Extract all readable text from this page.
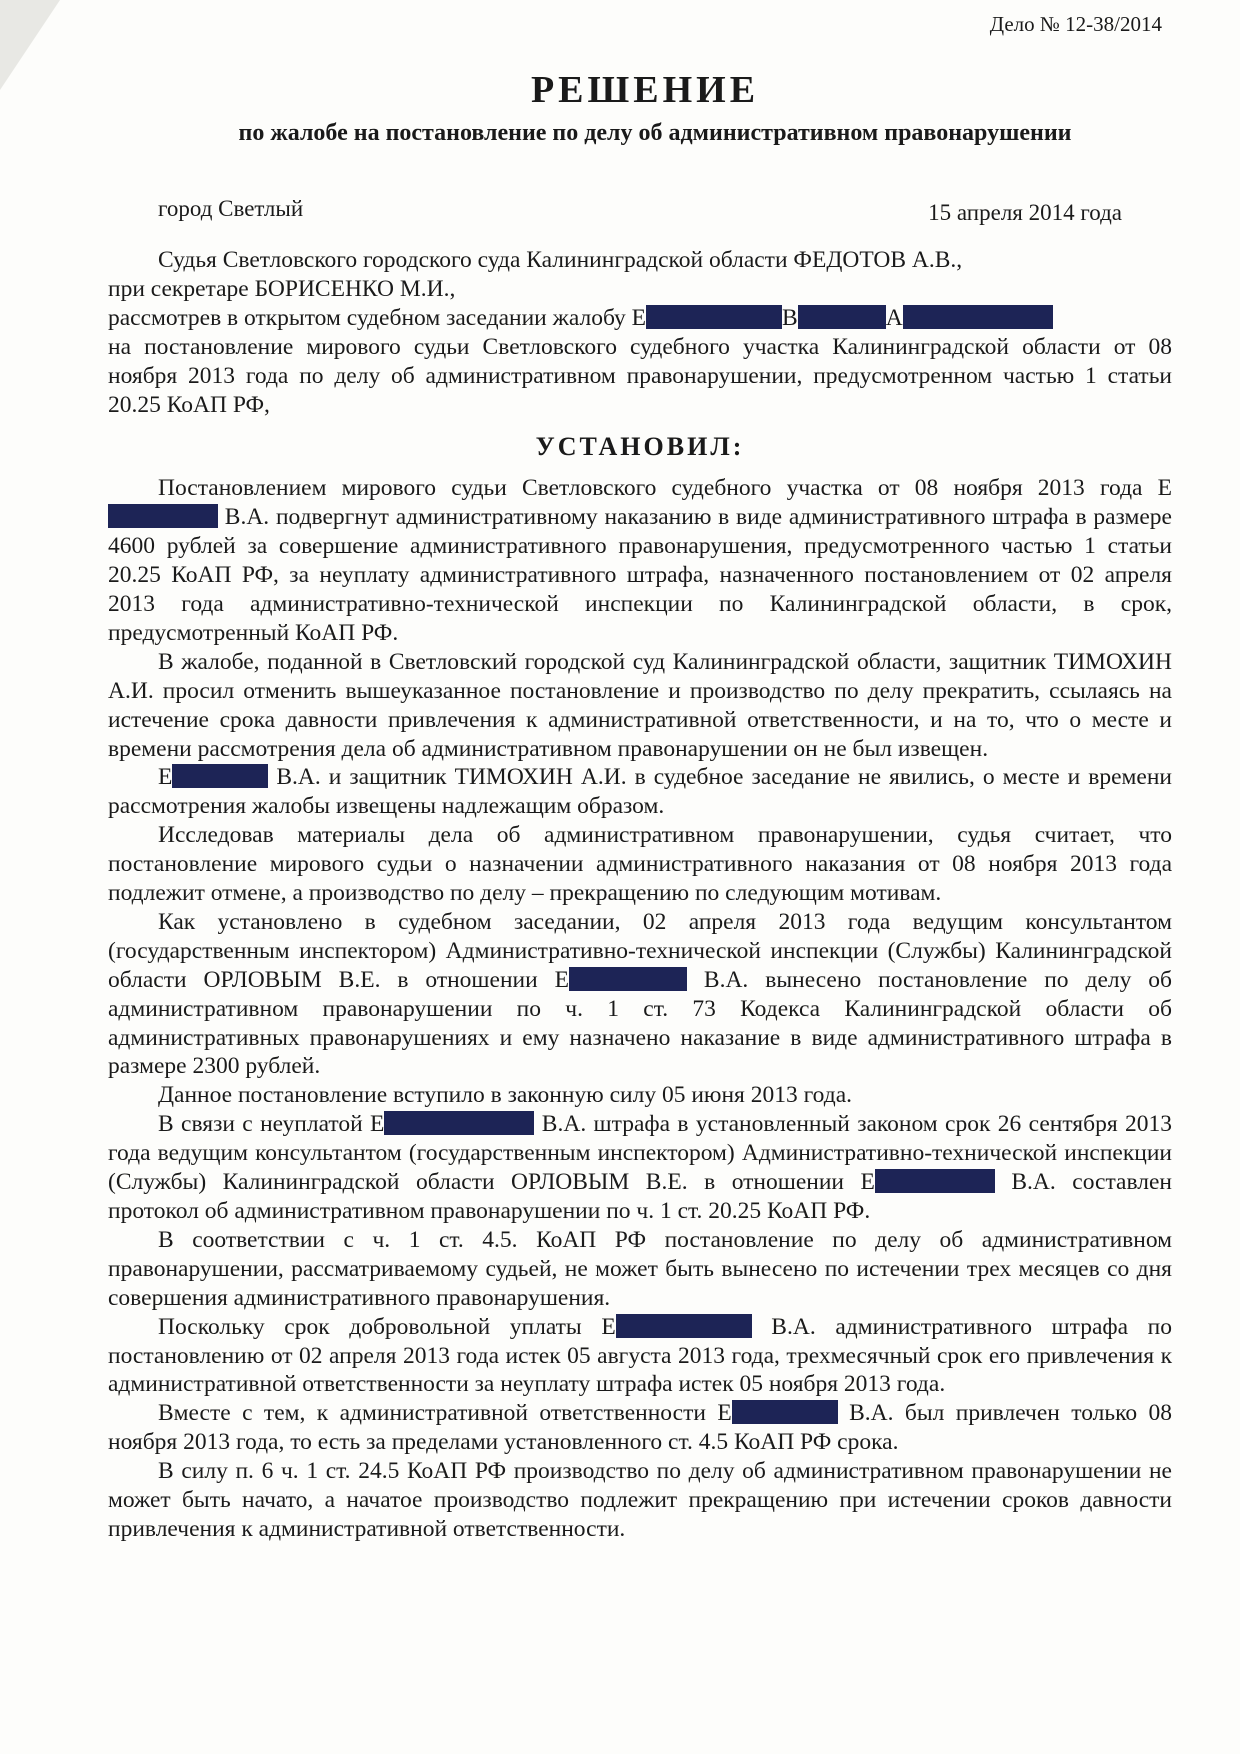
Дело № 12-38/2014
РЕШЕНИЕ
по жалобе на постановление по делу об административном правонарушении
город Светлый	15 апреля 2014 года

Судья Светловского городского суда Калининградской области ФЕДОТОВ А.В.,

при секретаре БОРИСЕНКО М.И.,

рассмотрев в открытом судебном заседании жалобу Е	В	А

на постановление мирового судьи Светловского судебного участка Калининградской области от 08 ноября 2013 года по делу об административном правонарушении, предусмотренном частью 1 статьи 20.25 КоАП РФ,

УСТАНОВИЛ:

Постановлением мирового судьи Светловского судебного участка от 08 ноября 2013 года Е В.А. подвергнут административному наказанию в виде административного штрафа в размере 4600 рублей за совершение административного правонарушения, предусмотренного частью 1 статьи 20.25 КоАП РФ, за неуплату административного штрафа, назначенного постановлением от 02 апреля 2013 года административно-технической инспекции по Калининградской области, в срок, предусмотренный КоАП РФ.

В жалобе, поданной в Светловский городской суд Калининградской области, защитник ТИМОХИН А.И. просил отменить вышеуказанное постановление и производство по делу прекратить, ссылаясь на истечение срока давности привлечения к административной ответственности, и на то, что о месте и времени рассмотрения дела об административном правонарушении он не был извещен.

Е	В.А. и защитник ТИМОХИН А.И. в судебное заседание не явились, о месте и времени рассмотрения жалобы извещены надлежащим образом.

Исследовав материалы дела об административном правонарушении, судья считает, что постановление мирового судьи о назначении административного наказания от 08 ноября 2013 года подлежит отмене, а производство по делу – прекращению по следующим мотивам.

Как установлено в судебном заседании, 02 апреля 2013 года ведущим консультантом (государственным инспектором) Административно-технической инспекции (Службы) Калининградской области ОРЛОВЫМ В.Е. в отношении Е	В.А. вынесено постановление по делу об административном правонарушении по ч. 1 ст. 73 Кодекса Калининградской области об административных правонарушениях и ему назначено наказание в виде административного штрафа в размере 2300 рублей.

Данное постановление вступило в законную силу 05 июня 2013 года.

В связи с неуплатой Е	В.А. штрафа в установленный законом срок 26 сентября 2013 года ведущим консультантом (государственным инспектором) Административно-технической инспекции (Службы) Калининградской области ОРЛОВЫМ В.Е. в отношении Е	В.А. составлен протокол об административном правонарушении по ч. 1 ст. 20.25 КоАП РФ.

В соответствии с ч. 1 ст. 4.5. КоАП РФ постановление по делу об административном правонарушении, рассматриваемому судьей, не может быть вынесено по истечении трех месяцев со дня совершения административного правонарушения.

Поскольку срок добровольной уплаты Е	В.А. административного штрафа по постановлению от 02 апреля 2013 года истек 05 августа 2013 года, трехмесячный срок его привлечения к административной ответственности за неуплату штрафа истек 05 ноября 2013 года.

Вместе с тем, к административной ответственности Е	В.А. был привлечен только 08 ноября 2013 года, то есть за пределами установленного ст. 4.5 КоАП РФ срока.

В силу п. 6 ч. 1 ст. 24.5 КоАП РФ производство по делу об административном правонарушении не может быть начато, а начатое производство подлежит прекращению при истечении сроков давности привлечения к административной ответственности.
